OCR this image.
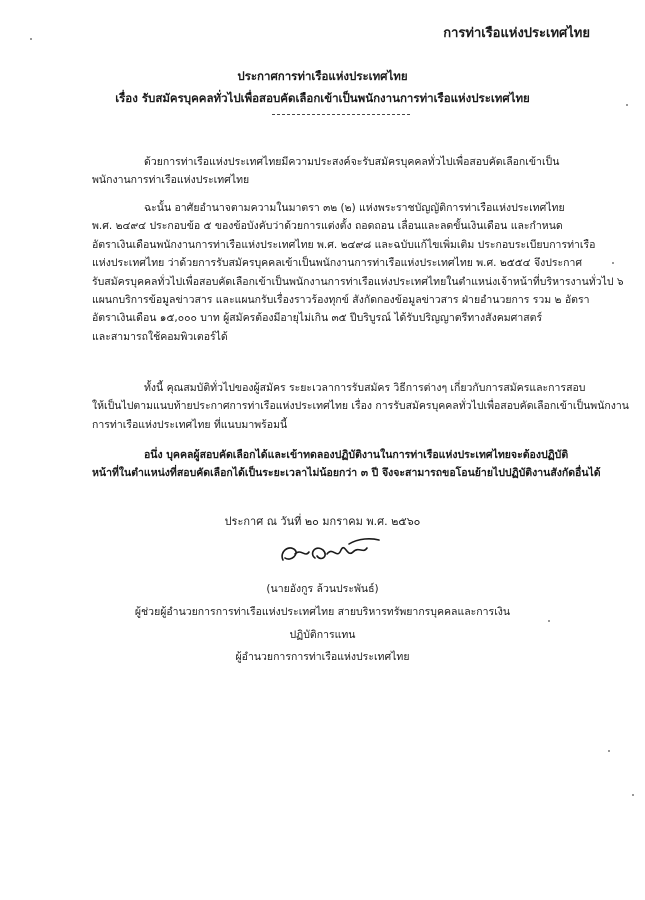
การท่าเรือแห่งประเทศไทย
ประกาศการท่าเรือแห่งประเทศไทย
เรื่อง รับสมัครบุคคลทั่วไปเพื่อสอบคัดเลือกเข้าเป็นพนักงานการท่าเรือแห่งประเทศไทย
ด้วยการท่าเรือแห่งประเทศไทยมีความประสงค์จะรับสมัครบุคคลทั่วไปเพื่อสอบคัดเลือกเข้าเป็น
พนักงานการท่าเรือแห่งประเทศไทย
ฉะนั้น อาศัยอำนาจตามความในมาตรา ๓๒ (๒) แห่งพระราชบัญญัติการท่าเรือแห่งประเทศไทย
พ.ศ. ๒๔๙๔ ประกอบข้อ ๕ ของข้อบังคับว่าด้วยการแต่งตั้ง ถอดถอน เลื่อนและลดขั้นเงินเดือน และกำหนด
อัตราเงินเดือนพนักงานการท่าเรือแห่งประเทศไทย พ.ศ. ๒๔๙๘ และฉบับแก้ไขเพิ่มเติม ประกอบระเบียบการท่าเรือ
แห่งประเทศไทย ว่าด้วยการรับสมัครบุคคลเข้าเป็นพนักงานการท่าเรือแห่งประเทศไทย พ.ศ. ๒๕๕๔ จึงประกาศ
รับสมัครบุคคลทั่วไปเพื่อสอบคัดเลือกเข้าเป็นพนักงานการท่าเรือแห่งประเทศไทยในตำแหน่งเจ้าหน้าที่บริหารงานทั่วไป ๖
แผนกบริการข้อมูลข่าวสาร และแผนกรับเรื่องราวร้องทุกข์ สังกัดกองข้อมูลข่าวสาร ฝ่ายอำนวยการ รวม ๒ อัตรา
อัตราเงินเดือน ๑๕,๐๐๐ บาท ผู้สมัครต้องมีอายุไม่เกิน ๓๕ ปีบริบูรณ์ ได้รับปริญญาตรีทางสังคมศาสตร์
และสามารถใช้คอมพิวเตอร์ได้
ทั้งนี้ คุณสมบัติทั่วไปของผู้สมัคร ระยะเวลาการรับสมัคร วิธีการต่างๆ เกี่ยวกับการสมัครและการสอบ
ให้เป็นไปตามแนบท้ายประกาศการท่าเรือแห่งประเทศไทย เรื่อง การรับสมัครบุคคลทั่วไปเพื่อสอบคัดเลือกเข้าเป็นพนักงาน
การท่าเรือแห่งประเทศไทย ที่แนบมาพร้อมนี้
อนึ่ง บุคคลผู้สอบคัดเลือกได้และเข้าทดลองปฏิบัติงานในการท่าเรือแห่งประเทศไทยจะต้องปฏิบัติ
หน้าที่ในตำแหน่งที่สอบคัดเลือกได้เป็นระยะเวลาไม่น้อยกว่า ๓ ปี จึงจะสามารถขอโอนย้ายไปปฏิบัติงานสังกัดอื่นได้
ประกาศ ณ วันที่ ๒๐ มกราคม พ.ศ. ๒๕๖๐
(นายอังกูร ล้วนประพันธ์)
ผู้ช่วยผู้อำนวยการการท่าเรือแห่งประเทศไทย สายบริหารทรัพยากรบุคคลและการเงิน
ปฏิบัติการแทน
ผู้อำนวยการการท่าเรือแห่งประเทศไทย
